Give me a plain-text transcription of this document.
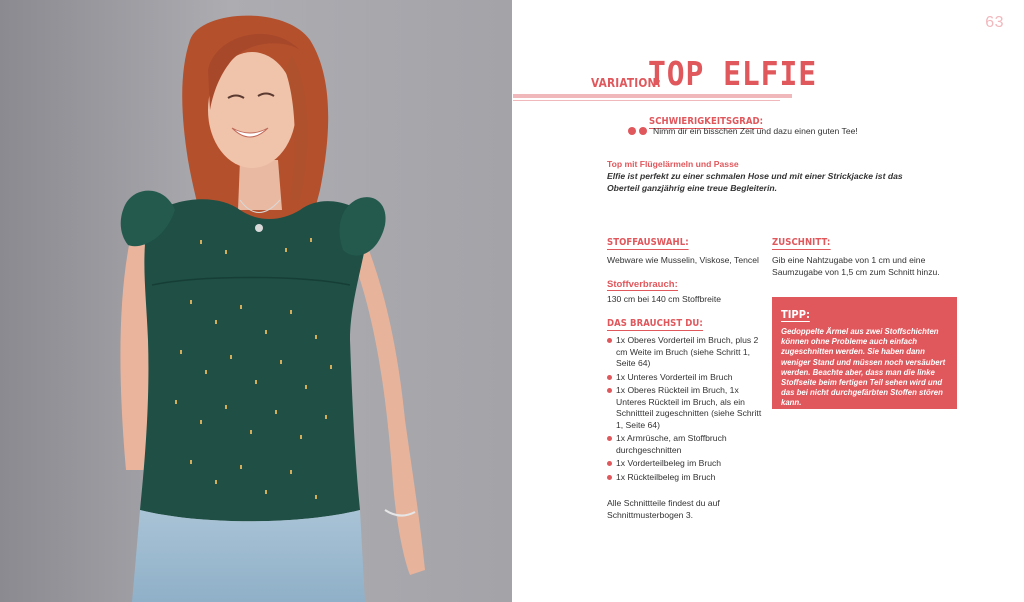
63
VARIATION:
TOP ELFIE
SCHWIERIGKEITSGRAD:
Nimm dir ein bisschen Zeit und dazu einen guten Tee!
Top mit Flügelärmeln und Passe
Elfie ist perfekt zu einer schmalen Hose und mit einer Strickjacke ist das Oberteil ganzjährig eine treue Begleiterin.
STOFFAUSWAHL:
Webware wie Musselin, Viskose, Tencel
Stoffverbrauch:
130 cm bei 140 cm Stoffbreite
DAS BRAUCHST DU:
1x Oberes Vorderteil im Bruch, plus 2 cm Weite im Bruch (siehe Schritt 1, Seite 64)
1x Unteres Vorderteil im Bruch
1x Oberes Rückteil im Bruch, 1x Unteres Rückteil im Bruch, als ein Schnittteil zugeschnitten (siehe Schritt 1, Seite 64)
1x Armrüsche, am Stoffbruch durchgeschnitten
1x Vorderteilbeleg im Bruch
1x Rückteilbeleg im Bruch
Alle Schnittteile findest du auf Schnittmusterbogen 3.
ZUSCHNITT:
Gib eine Nahtzugabe von 1 cm und eine Saumzugabe von 1,5 cm zum Schnitt hinzu.
TIPP:
Gedoppelte Ärmel aus zwei Stoffschichten können ohne Probleme auch einfach zugeschnitten werden. Sie haben dann weniger Stand und müssen noch versäubert werden. Beachte aber, dass man die linke Stoffseite beim fertigen Teil sehen wird und das bei nicht durchgefärbten Stoffen stören kann.
